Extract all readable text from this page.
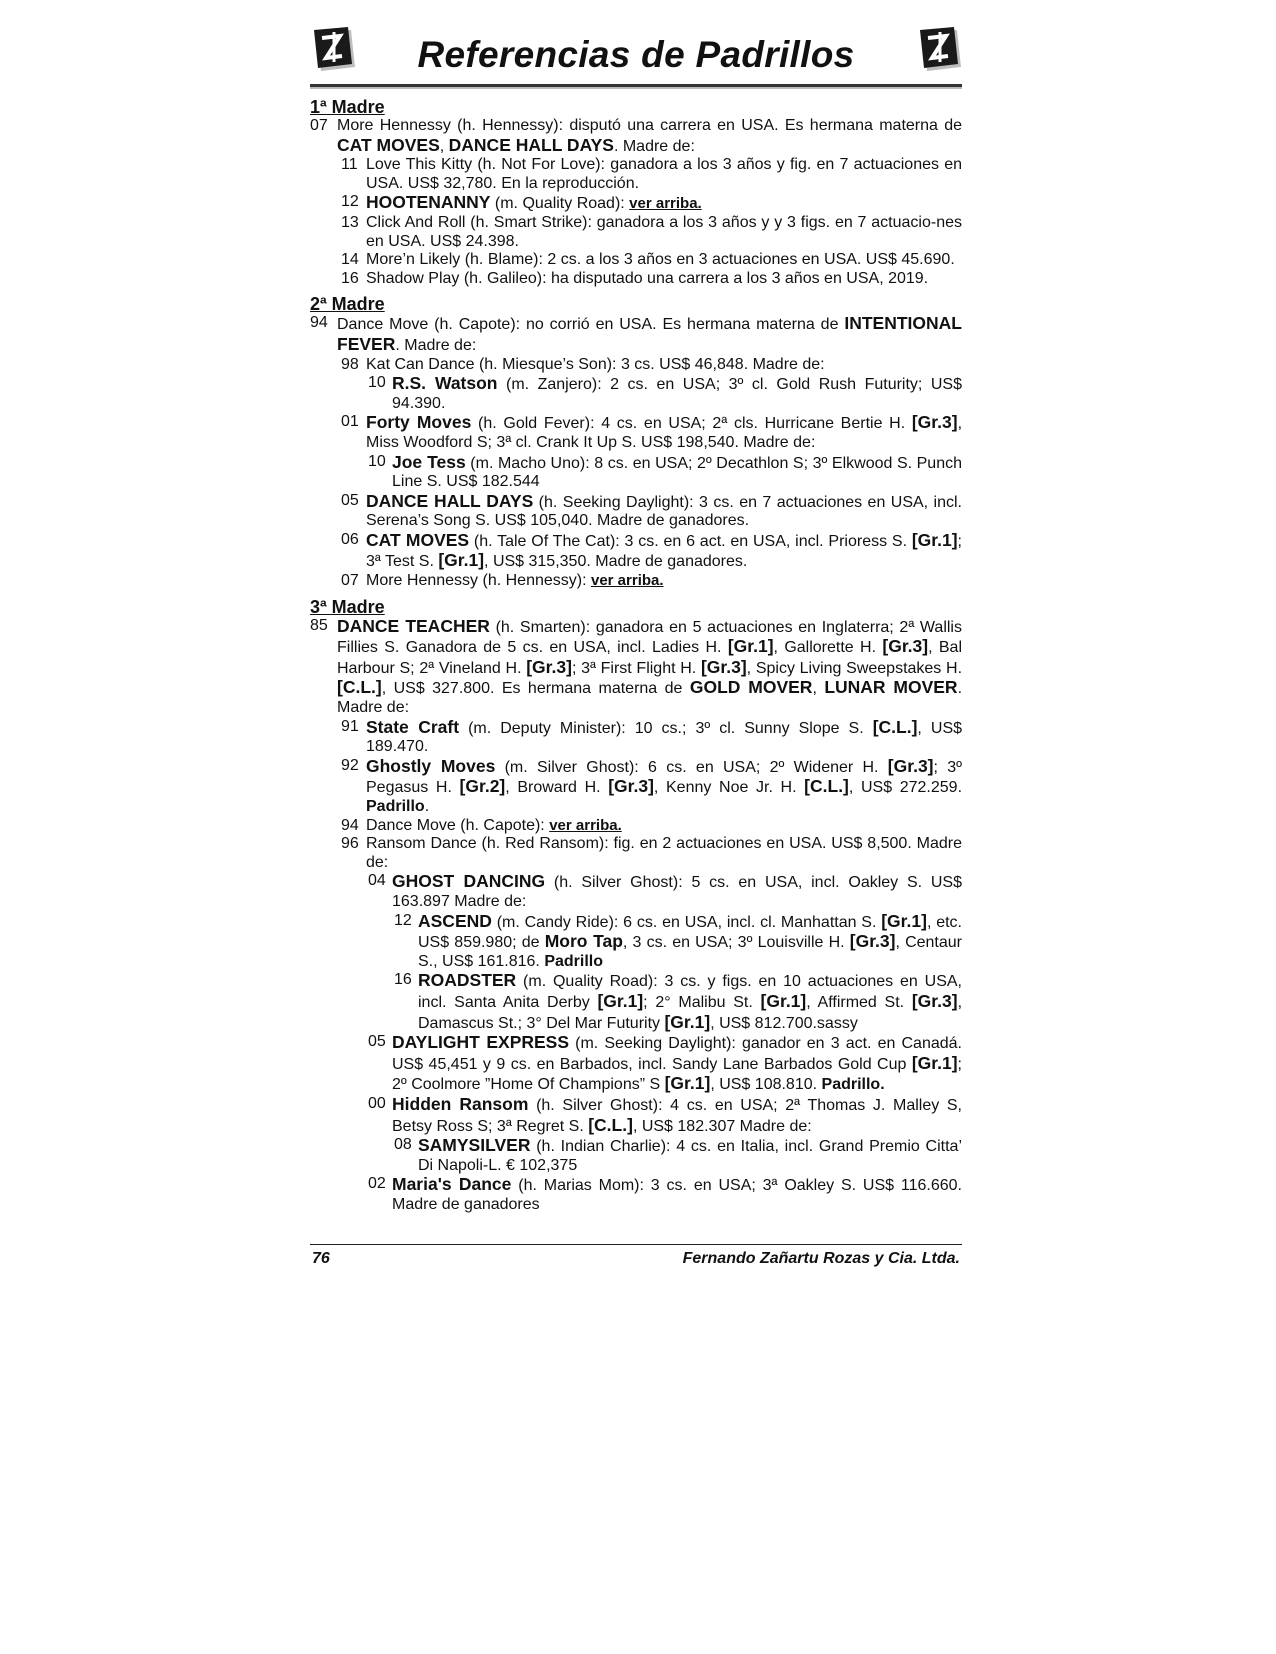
Referencias de Padrillos
1ª Madre
07 More Hennessy (h. Hennessy): disputó una carrera en USA. Es hermana materna de CAT MOVES, DANCE HALL DAYS. Madre de:
11 Love This Kitty (h. Not For Love): ganadora a los 3 años y fig. en 7 actuaciones en USA. US$ 32,780. En la reproducción.
12 HOOTENANNY (m. Quality Road): ver arriba.
13 Click And Roll (h. Smart Strike): ganadora a los 3 años y y 3 figs. en 7 actuacio-nes en USA. US$ 24.398.
14 More’n Likely (h. Blame): 2 cs. a los 3 años en 3 actuaciones en USA. US$ 45.690.
16 Shadow Play (h. Galileo): ha disputado una carrera a los 3 años en USA, 2019.
2ª Madre
94 Dance Move (h. Capote): no corrió en USA. Es hermana materna de INTENTIONAL FEVER. Madre de:
98 Kat Can Dance (h. Miesque’s Son): 3 cs. US$ 46,848. Madre de:
10 R.S. Watson (m. Zanjero): 2 cs. en USA; 3º cl. Gold Rush Futurity; US$ 94.390.
01 Forty Moves (h. Gold Fever): 4 cs. en USA; 2ª cls. Hurricane Bertie H. [Gr.3], Miss Woodford S; 3ª cl. Crank It Up S. US$ 198,540. Madre de:
10 Joe Tess (m. Macho Uno): 8 cs. en USA; 2º Decathlon S; 3º Elkwood S. Punch Line S. US$ 182.544
05 DANCE HALL DAYS (h. Seeking Daylight): 3 cs. en 7 actuaciones en USA, incl. Serena’s Song S. US$ 105,040. Madre de ganadores.
06 CAT MOVES (h. Tale Of The Cat): 3 cs. en 6 act. en USA, incl. Prioress S. [Gr.1]; 3ª Test S. [Gr.1], US$ 315,350. Madre de ganadores.
07 More Hennessy (h. Hennessy): ver arriba.
3ª Madre
85 DANCE TEACHER (h. Smarten): ganadora en 5 actuaciones en Inglaterra; 2ª Wallis Fillies S. Ganadora de 5 cs. en USA, incl. Ladies H. [Gr.1], Gallorette H. [Gr.3], Bal Harbour S; 2ª Vineland H. [Gr.3]; 3ª First Flight H. [Gr.3], Spicy Living Sweepstakes H. [C.L.], US$ 327.800. Es hermana materna de GOLD MOVER, LUNAR MOVER. Madre de:
91 State Craft (m. Deputy Minister): 10 cs.; 3º cl. Sunny Slope S. [C.L.], US$ 189.470.
92 Ghostly Moves (m. Silver Ghost): 6 cs. en USA; 2º Widener H. [Gr.3]; 3º Pegasus H. [Gr.2], Broward H. [Gr.3], Kenny Noe Jr. H. [C.L.], US$ 272.259. Padrillo.
94 Dance Move (h. Capote): ver arriba.
96 Ransom Dance (h. Red Ransom): fig. en 2 actuaciones en USA. US$ 8,500. Madre de:
04 GHOST DANCING (h. Silver Ghost): 5 cs. en USA, incl. Oakley S. US$ 163.897 Madre de:
12 ASCEND (m. Candy Ride): 6 cs. en USA, incl. cl. Manhattan S. [Gr.1], etc. US$ 859.980; de Moro Tap, 3 cs. en USA; 3º Louisville H. [Gr.3], Centaur S., US$ 161.816. Padrillo
16 ROADSTER (m. Quality Road): 3 cs. y figs. en 10 actuaciones en USA, incl. Santa Anita Derby [Gr.1]; 2° Malibu St. [Gr.1], Affirmed St. [Gr.3], Damascus St.; 3° Del Mar Futurity [Gr.1], US$ 812.700.sassy
05 DAYLIGHT EXPRESS (m. Seeking Daylight): ganador en 3 act. en Canadá. US$ 45,451 y 9 cs. en Barbados, incl. Sandy Lane Barbados Gold Cup [Gr.1]; 2º Coolmore ”Home Of Champions” S [Gr.1], US$ 108.810. Padrillo.
00 Hidden Ransom (h. Silver Ghost): 4 cs. en USA; 2ª Thomas J. Malley S, Betsy Ross S; 3ª Regret S. [C.L.], US$ 182.307 Madre de:
08 SAMYSILVER (h. Indian Charlie): 4 cs. en Italia, incl. Grand Premio Citta’ Di Napoli-L. € 102,375
02 Maria's Dance (h. Marias Mom): 3 cs. en USA; 3ª Oakley S. US$ 116.660. Madre de ganadores
76	Fernando Zañartu Rozas y Cia. Ltda.
